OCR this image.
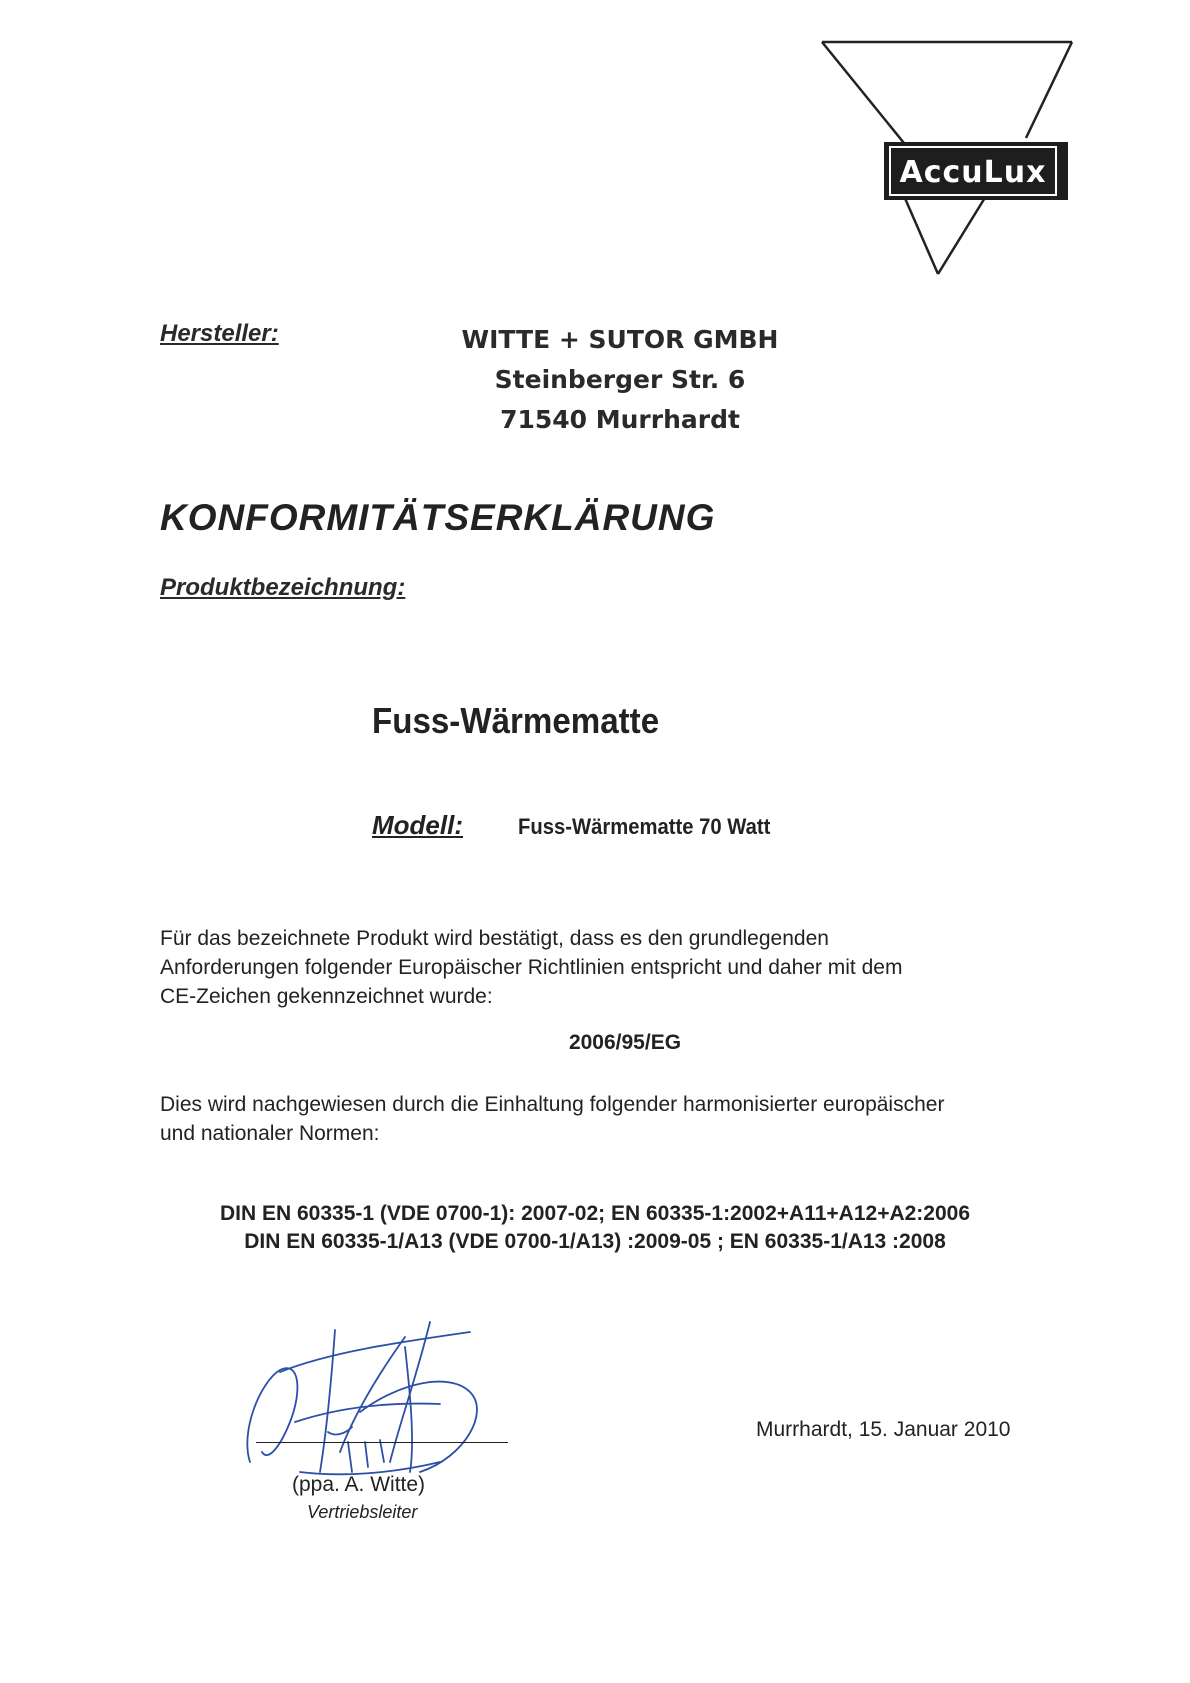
AccuLux
Hersteller:	WITTE + SUTOR GMBH
Steinberger Str. 6
71540 Murrhardt
KONFORMITÄTSERKLÄRUNG
Produktbezeichnung:
Fuss-Wärmematte
Modell:	Fuss-Wärmematte 70 Watt
Für das bezeichnete Produkt wird bestätigt, dass es den grundlegenden
Anforderungen folgender Europäischer Richtlinien entspricht und daher mit dem
CE-Zeichen gekennzeichnet wurde:
2006/95/EG
Dies wird nachgewiesen durch die Einhaltung folgender harmonisierter europäischer
und nationaler Normen:
DIN EN 60335-1 (VDE 0700-1): 2007-02; EN 60335-1:2002+A11+A12+A2:2006
DIN EN 60335-1/A13 (VDE 0700-1/A13) :2009-05 ; EN 60335-1/A13 :2008
(ppa. A. Witte)
Vertriebsleiter
Murrhardt, 15. Januar 2010
